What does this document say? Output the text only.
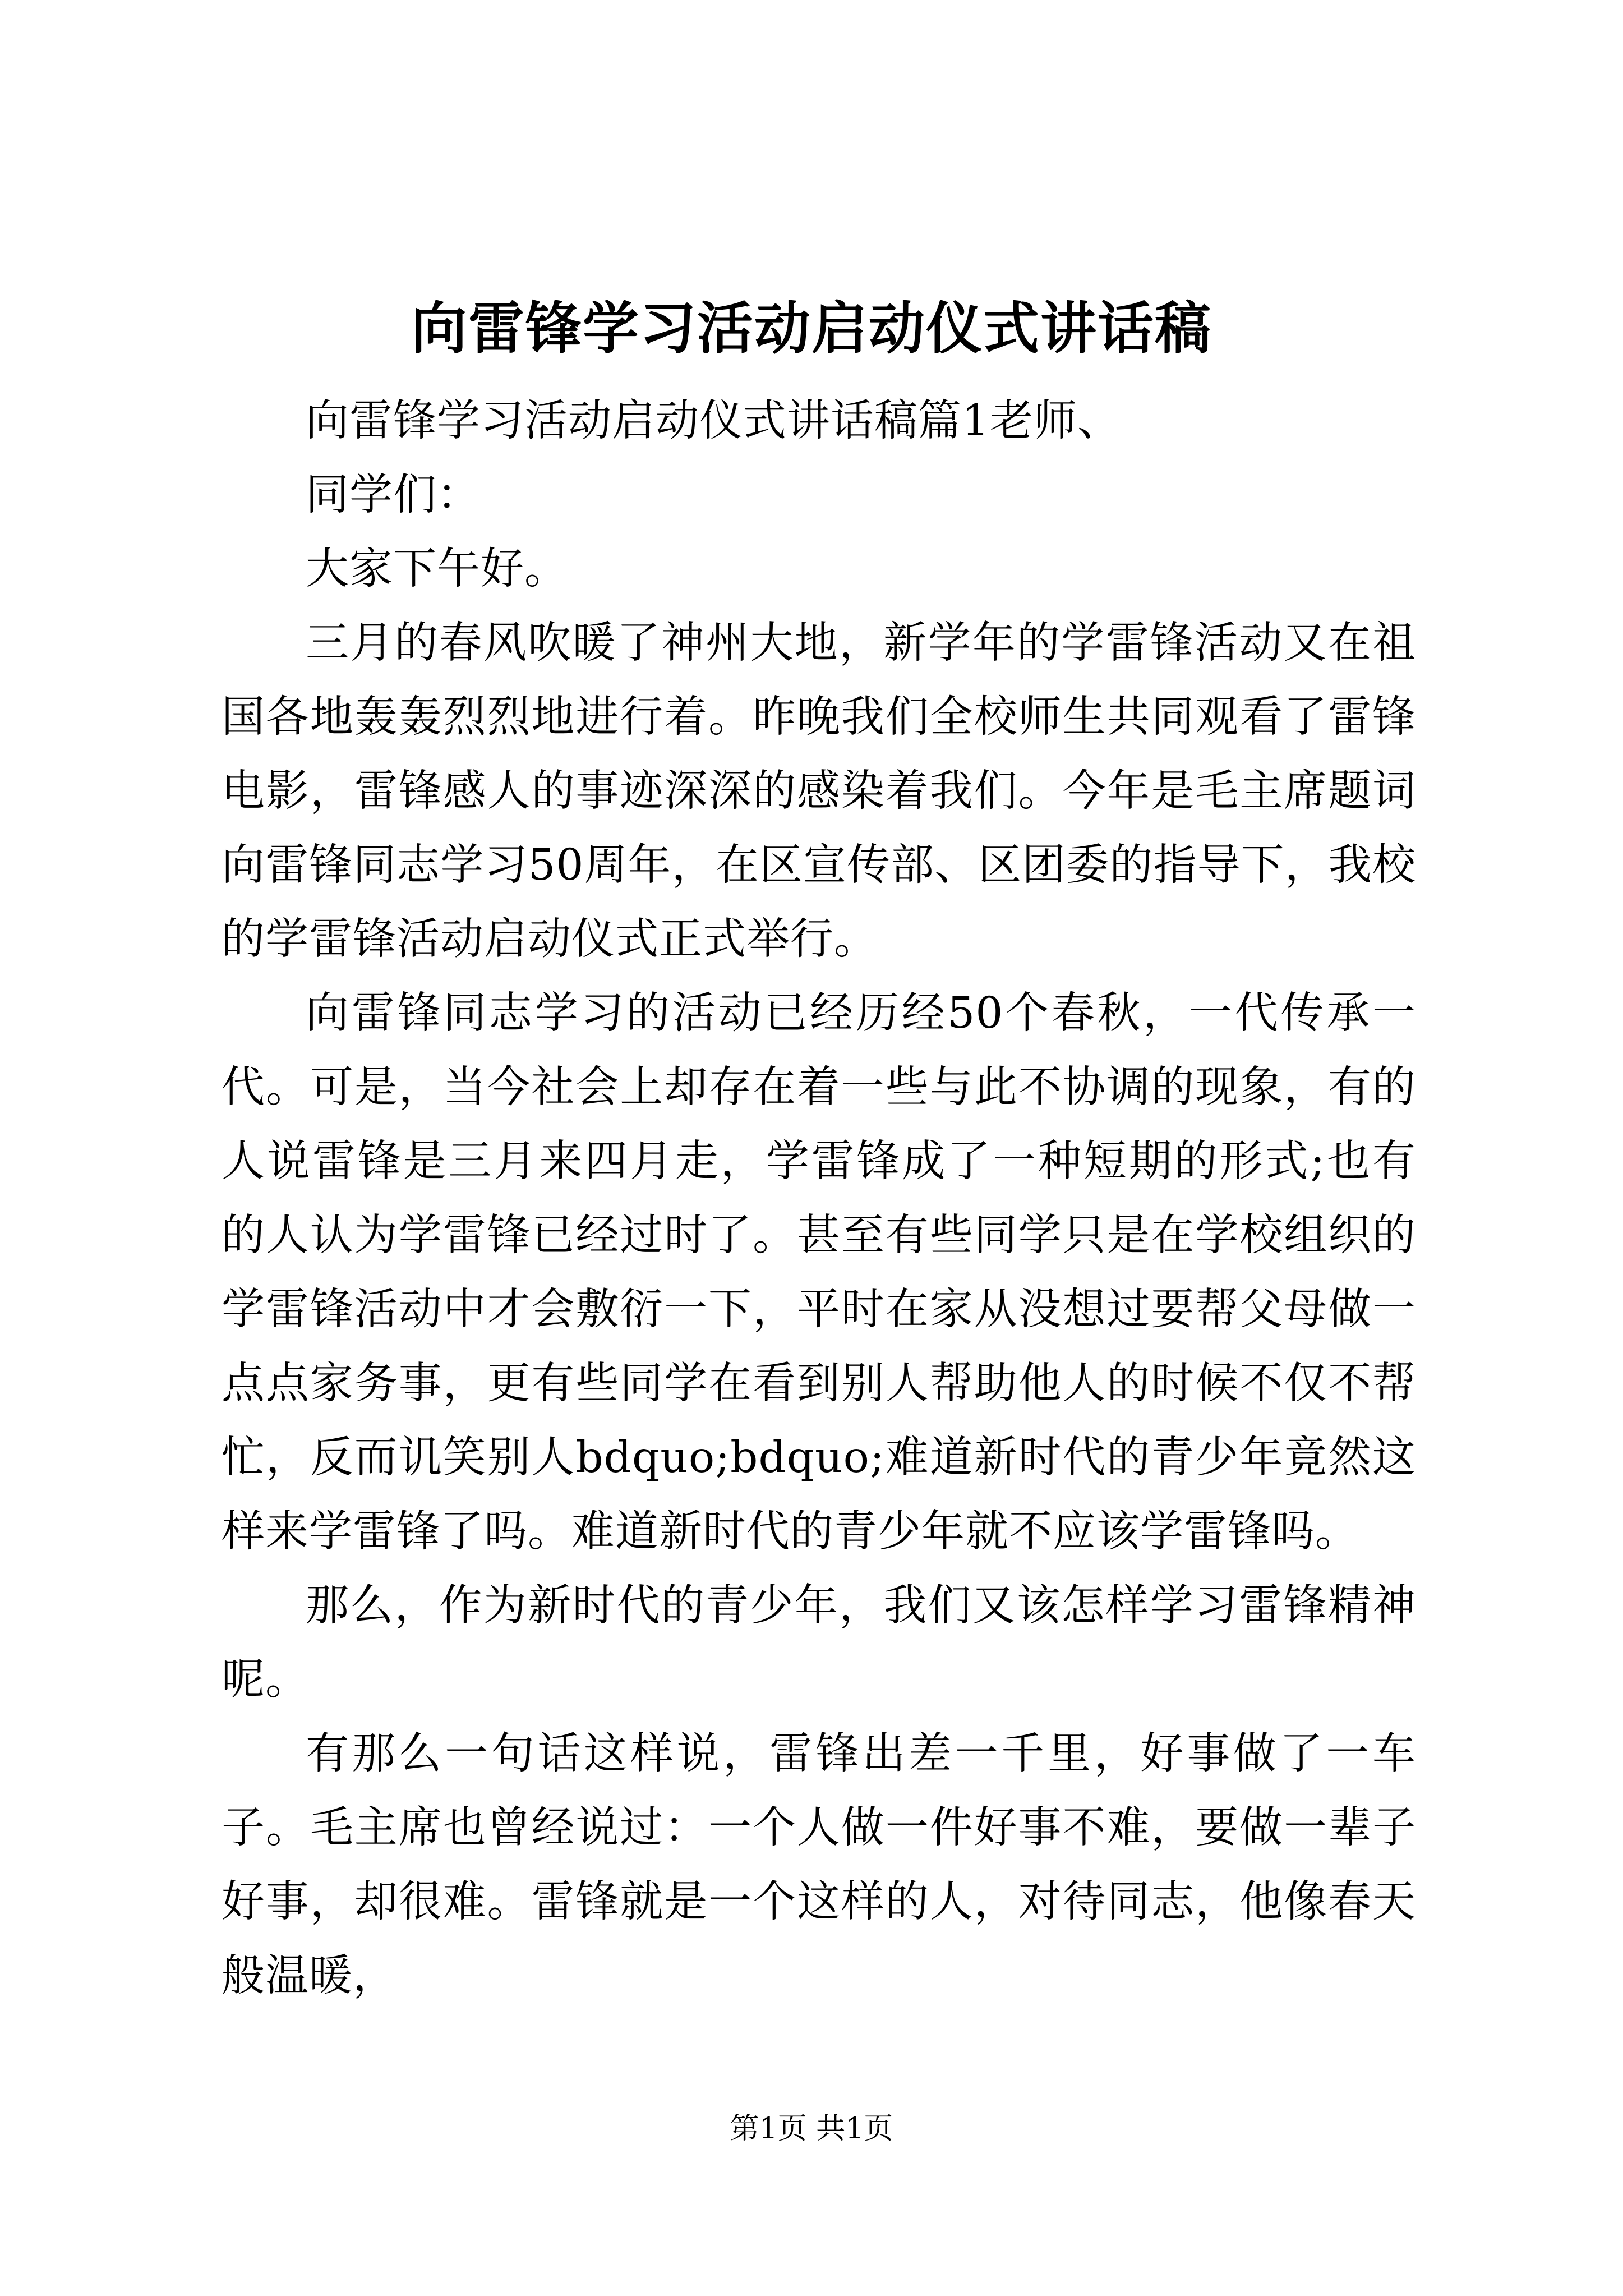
向雷锋学习活动启动仪式讲话稿

向雷锋学习活动启动仪式讲话稿篇1老师、

同学们：

大家下午好。

三月的春风吹暖了神州大地，新学年的学雷锋活动又在祖国各地轰轰烈烈地进行着。昨晚我们全校师生共同观看了雷锋电影，雷锋感人的事迹深深的感染着我们。今年是毛主席题词向雷锋同志学习50周年，在区宣传部、区团委的指导下，我校的学雷锋活动启动仪式正式举行。

向雷锋同志学习的活动已经历经50个春秋，一代传承一代。可是，当今社会上却存在着一些与此不协调的现象，有的人说雷锋是三月来四月走，学雷锋成了一种短期的形式;也有的人认为学雷锋已经过时了。甚至有些同学只是在学校组织的学雷锋活动中才会敷衍一下，平时在家从没想过要帮父母做一点点家务事，更有些同学在看到别人帮助他人的时候不仅不帮忙，反而讥笑别人bdquo;bdquo;难道新时代的青少年竟然这样来学雷锋了吗。难道新时代的青少年就不应该学雷锋吗。

那么，作为新时代的青少年，我们又该怎样学习雷锋精神呢。

有那么一句话这样说，雷锋出差一千里，好事做了一车子。毛主席也曾经说过：一个人做一件好事不难，要做一辈子好事，却很难。雷锋就是一个这样的人，对待同志，他像春天般温暖，

第1页 共1页
